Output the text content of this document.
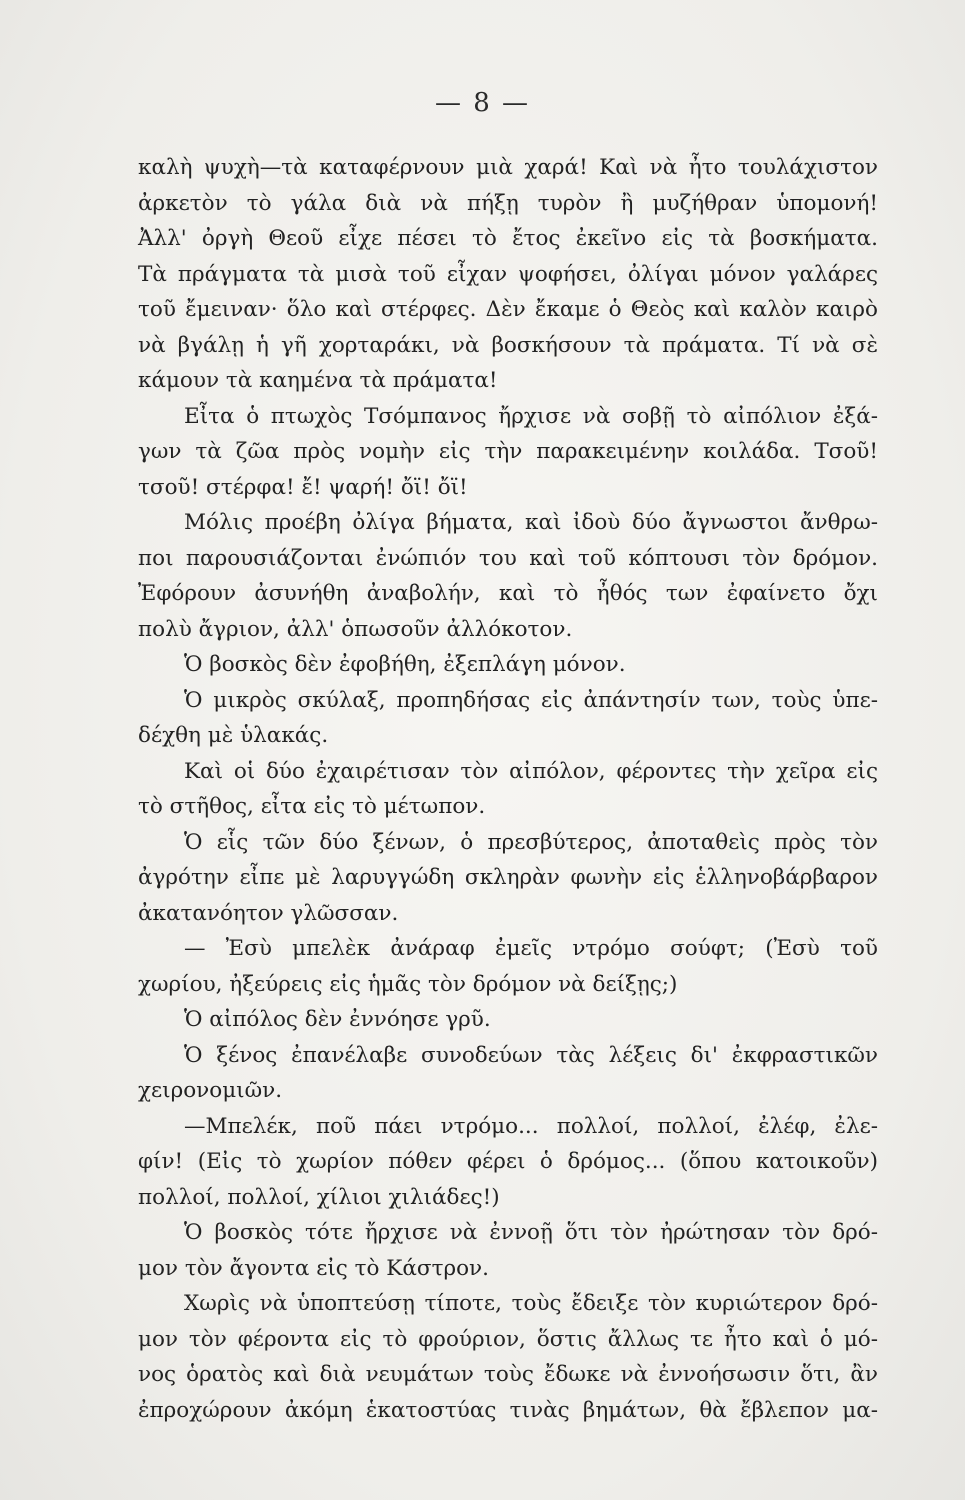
— 8 —
καλὴ ψυχὴ—τὰ καταφέρνουν μιὰ χαρά! Καὶ νὰ ἦτο τουλάχιστον
ἀρκετὸν τὸ γάλα διὰ νὰ πήξῃ τυρὸν ἢ μυζήθραν ὑπομονή!
Ἀλλ' ὀργὴ Θεοῦ εἶχε πέσει τὸ ἔτος ἐκεῖνο εἰς τὰ βοσκήματα.
Τὰ πράγματα τὰ μισὰ τοῦ εἶχαν ψοφήσει, ὀλίγαι μόνον γαλάρες
τοῦ ἔμειναν· ὅλο καὶ στέρφες. Δὲν ἔκαμε ὁ Θεὸς καὶ καλὸν καιρὸ
νὰ βγάλῃ ἡ γῆ χορταράκι, νὰ βοσκήσουν τὰ πράματα. Τί νὰ σὲ
κάμουν τὰ καημένα τὰ πράματα!
Εἶτα ὁ πτωχὸς Τσόμπανος ἤρχισε νὰ σοβῇ τὸ αἰπόλιον ἐξά-
γων τὰ ζῶα πρὸς νομὴν εἰς τὴν παρακειμένην κοιλάδα. Τσοῦ!
τσοῦ! στέρφα! ἔ! ψαρή! ὄϊ! ὄϊ!
Μόλις προέβη ὀλίγα βήματα, καὶ ἰδοὺ δύο ἄγνωστοι ἄνθρω-
ποι παρουσιάζονται ἐνώπιόν του καὶ τοῦ κόπτουσι τὸν δρόμον.
Ἐφόρουν ἀσυνήθη ἀναβολήν, καὶ τὸ ἦθός των ἐφαίνετο ὄχι
πολὺ ἄγριον, ἀλλ' ὁπωσοῦν ἀλλόκοτον.
Ὁ βοσκὸς δὲν ἐφοβήθη, ἐξεπλάγη μόνον.
Ὁ μικρὸς σκύλαξ, προπηδήσας εἰς ἀπάντησίν των, τοὺς ὑπε-
δέχθη μὲ ὑλακάς.
Καὶ οἱ δύο ἐχαιρέτισαν τὸν αἰπόλον, φέροντες τὴν χεῖρα εἰς
τὸ στῆθος, εἶτα εἰς τὸ μέτωπον.
Ὁ εἷς τῶν δύο ξένων, ὁ πρεσβύτερος, ἀποταθεὶς πρὸς τὸν
ἀγρότην εἶπε μὲ λαρυγγώδη σκληρὰν φωνὴν εἰς ἑλληνοβάρβαρον
ἀκατανόητον γλῶσσαν.
— Ἐσὺ μπελὲκ ἀνάραφ ἐμεῖς ντρόμο σούφτ; (Ἐσὺ τοῦ
χωρίου, ἠξεύρεις εἰς ἡμᾶς τὸν δρόμον νὰ δείξῃς;)
Ὁ αἰπόλος δὲν ἐννόησε γρῦ.
Ὁ ξένος ἐπανέλαβε συνοδεύων τὰς λέξεις δι' ἐκφραστικῶν
χειρονομιῶν.
—Μπελέκ, ποῦ πάει ντρόμο... πολλοί, πολλοί, ἐλέφ, ἐλε-
φίν! (Εἰς τὸ χωρίον πόθεν φέρει ὁ δρόμος... (ὅπου κατοικοῦν)
πολλοί, πολλοί, χίλιοι χιλιάδες!)
Ὁ βοσκὸς τότε ἤρχισε νὰ ἐννοῇ ὅτι τὸν ἠρώτησαν τὸν δρό-
μον τὸν ἄγοντα εἰς τὸ Κάστρον.
Χωρὶς νὰ ὑποπτεύσῃ τίποτε, τοὺς ἔδειξε τὸν κυριώτερον δρό-
μον τὸν φέροντα εἰς τὸ φρούριον, ὅστις ἄλλως τε ἦτο καὶ ὁ μό-
νος ὁρατὸς καὶ διὰ νευμάτων τοὺς ἔδωκε νὰ ἐννοήσωσιν ὅτι, ἂν
ἐπροχώρουν ἀκόμη ἑκατοστύας τινὰς βημάτων, θὰ ἔβλεπον μα-
